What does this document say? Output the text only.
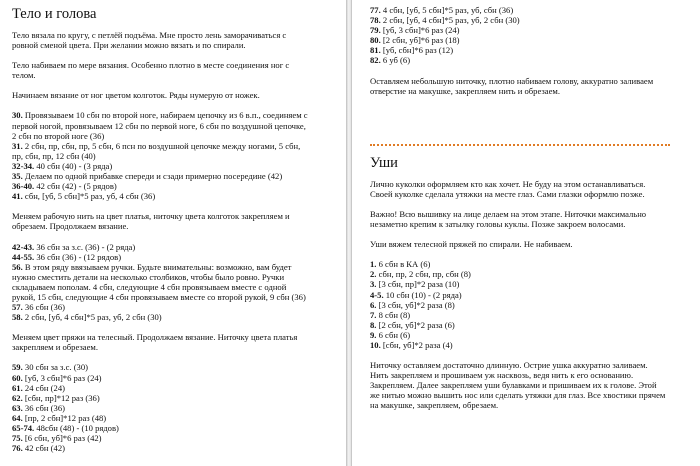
Тело и голова

Тело вязала по кругу, с петлёй подъёма. Мне просто лень заморачиваться с
ровной сменой цвета. При желании можно вязать и по спирали.

Тело набиваем по мере вязания. Особенно плотно в месте соединения ног с
телом.

Начинаем вязание от ног цветом колготок. Ряды нумерую от ножек.

30. Провязываем 10 сбн по второй ноге, набираем цепочку из 6 в.п., соединяем с
первой ногой, провязываем 12 сбн по первой ноге, 6 сбн по воздушной цепочке,
2 сбн по второй ноге (36)
31. 2 сбн, пр, сбн, пр, 5 сбн, 6 псн по воздушной цепочке между ногами, 5 сбн,
пр, сбн, пр, 12 сбн (40)
32-34. 40 сбн (40) - (3 ряда)
35. Делаем по одной прибавке спереди и сзади примерно посередине (42)
36-40. 42 сбн (42) - (5 рядов)
41. сбн, [уб, 5 сбн]*5 раз, уб, 4 сбн (36)

Меняем рабочую нить на цвет платья, ниточку цвета колготок закрепляем и
обрезаем. Продолжаем вязание.

42-43. 36 сбн за з.с. (36) - (2 ряда)
44-55. 36 сбн (36) - (12 рядов)
56. В этом ряду ввязываем ручки. Будьте внимательны: возможно, вам будет
нужно сместить детали на несколько столбиков, чтобы было ровно. Ручки
складываем пополам. 4 сбн, следующие 4 сбн провязываем вместе с одной
рукой, 15 сбн, следующие 4 сбн провязываем вместе со второй рукой, 9 сбн (36)
57. 36 сбн (36)
58. 2 сбн, [уб, 4 сбн]*5 раз, уб, 2 сбн (30)

Меняем цвет пряжи на телесный. Продолжаем вязание. Ниточку цвета платья
закрепляем и обрезаем.

59. 30 сбн за з.с. (30)
60. [уб, 3 сбн]*6 раз (24)
61. 24 сбн (24)
62. [сбн, пр]*12 раз (36)
63. 36 сбн (36)
64. [пр, 2 сбн]*12 раз (48)
65-74. 48сбн (48) - (10 рядов)
75. [6 сбн, уб]*6 раз (42)
76. 42 сбн (42)
77. 4 сбн, [уб, 5 сбн]*5 раз, уб, сбн (36)
78. 2 сбн, [уб, 4 сбн]*5 раз, уб, 2 сбн (30)
79. [уб, 3 сбн]*6 раз (24)
80. [2 сбн, уб]*6 раз (18)
81. [уб, сбн]*6 раз (12)
82. 6 уб (6)

Оставляем небольшую ниточку, плотно набиваем голову, аккуратно заливаем
отверстие на макушке, закрепляем нить и обрезаем.

Уши

Лично куколки оформляем кто как хочет. Не буду на этом останавливаться.
Своей куколке сделала утяжки на месте глаз. Сами глазки оформлю позже.

Важно! Всю вышивку на лице делаем на этом этапе. Ниточки максимально
незаметно крепим к затылку головы куклы. Позже закроем волосами.

Уши вяжем телесной пряжей по спирали. Не набиваем.

1. 6 сбн в КА (6)
2. сбн, пр, 2 сбн, пр, сбн (8)
3. [3 сбн, пр]*2 раза (10)
4-5. 10 сбн (10) - (2 ряда)
6. [3 сбн, уб]*2 раза (8)
7. 8 сбн (8)
8. [2 сбн, уб]*2 раза (6)
9. 6 сбн (6)
10. [сбн, уб]*2 раза (4)

Ниточку оставляем достаточно длинную. Острие ушка аккуратно заливаем.
Нить закрепляем и прошиваем уж насквозь, ведя нить к его основанию.
Закрепляем. Далее закрепляем уши булавками и пришиваем их к голове. Этой
же нитью можно вышить нос или сделать утяжки для глаз. Все хвостики прячем
на макушке, закрепляем, обрезаем.
